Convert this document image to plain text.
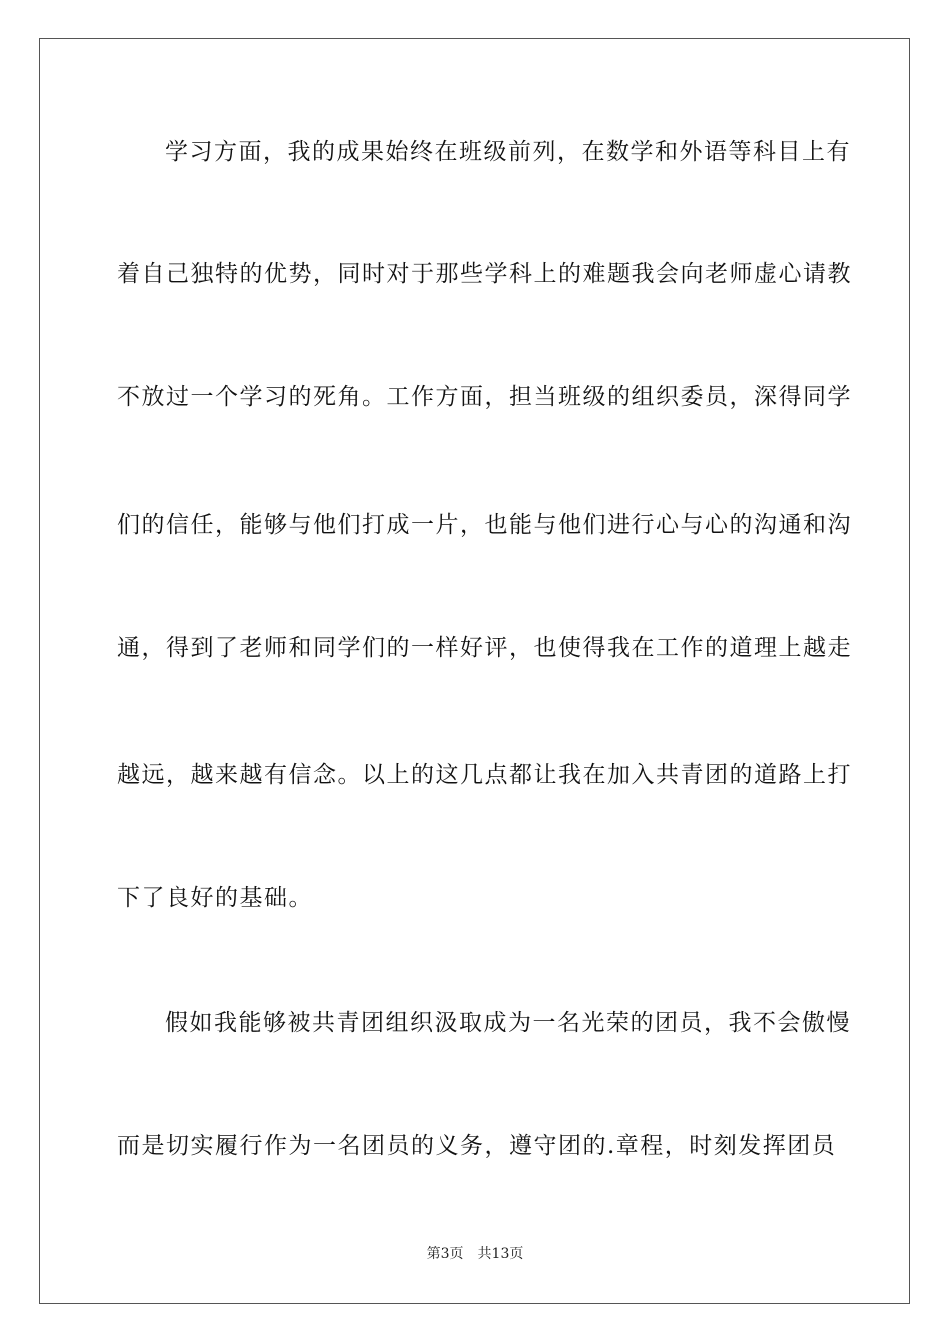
学习方面，我的成果始终在班级前列，在数学和外语等科目上有
着自己独特的优势，同时对于那些学科上的难题我会向老师虚心请教
不放过一个学习的死角。工作方面，担当班级的组织委员，深得同学
们的信任，能够与他们打成一片，也能与他们进行心与心的沟通和沟
通，得到了老师和同学们的一样好评，也使得我在工作的道理上越走
越远，越来越有信念。以上的这几点都让我在加入共青团的道路上打
下了良好的基础。
假如我能够被共青团组织汲取成为一名光荣的团员，我不会傲慢
而是切实履行作为一名团员的义务，遵守团的.章程，时刻发挥团员
第3页 共13页
